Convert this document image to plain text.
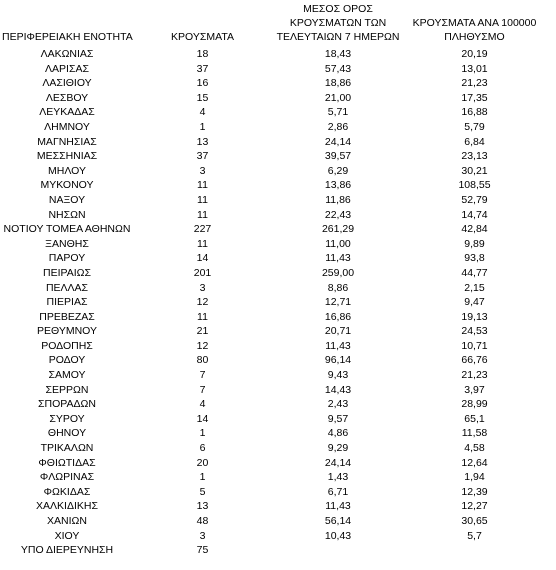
ΠΕΡΙΦΕΡΕΙΑΚΗ ΕΝΟΤΗΤΑ	ΚΡΟΥΣΜΑΤΑ	ΜΕΣΟΣ ΟΡΟΣ
ΚΡΟΥΣΜΑΤΩΝ ΤΩΝ
ΤΕΛΕΥΤΑΙΩΝ 7 ΗΜΕΡΩΝ	ΚΡΟΥΣΜΑΤΑ ΑΝΑ 100000
ΠΛΗΘΥΣΜΟ
ΛΑΚΩΝΙΑΣ	18	18,43	20,19
ΛΑΡΙΣΑΣ	37	57,43	13,01
ΛΑΣΙΘΙΟΥ	16	18,86	21,23
ΛΕΣΒΟΥ	15	21,00	17,35
ΛΕΥΚΑΔΑΣ	4	5,71	16,88
ΛΗΜΝΟΥ	1	2,86	5,79
ΜΑΓΝΗΣΙΑΣ	13	24,14	6,84
ΜΕΣΣΗΝΙΑΣ	37	39,57	23,13
ΜΗΛΟΥ	3	6,29	30,21
ΜΥΚΟΝΟΥ	11	13,86	108,55
ΝΑΞΟΥ	11	11,86	52,79
ΝΗΣΩΝ	11	22,43	14,74
ΝΟΤΙΟΥ ΤΟΜΕΑ ΑΘΗΝΩΝ	227	261,29	42,84
ΞΑΝΘΗΣ	11	11,00	9,89
ΠΑΡΟΥ	14	11,43	93,8
ΠΕΙΡΑΙΩΣ	201	259,00	44,77
ΠΕΛΛΑΣ	3	8,86	2,15
ΠΙΕΡΙΑΣ	12	12,71	9,47
ΠΡΕΒΕΖΑΣ	11	16,86	19,13
ΡΕΘΥΜΝΟΥ	21	20,71	24,53
ΡΟΔΟΠΗΣ	12	11,43	10,71
ΡΟΔΟΥ	80	96,14	66,76
ΣΑΜΟΥ	7	9,43	21,23
ΣΕΡΡΩΝ	7	14,43	3,97
ΣΠΟΡΑΔΩΝ	4	2,43	28,99
ΣΥΡΟΥ	14	9,57	65,1
ΘΗΝΟΥ	1	4,86	11,58
ΤΡΙΚΑΛΩΝ	6	9,29	4,58
ΦΘΙΩΤΙΔΑΣ	20	24,14	12,64
ΦΛΩΡΙΝΑΣ	1	1,43	1,94
ΦΩΚΙΔΑΣ	5	6,71	12,39
ΧΑΛΚΙΔΙΚΗΣ	13	11,43	12,27
ΧΑΝΙΩΝ	48	56,14	30,65
ΧΙΟΥ	3	10,43	5,7
ΥΠΟ ΔΙΕΡΕΥΝΗΣΗ	75		
